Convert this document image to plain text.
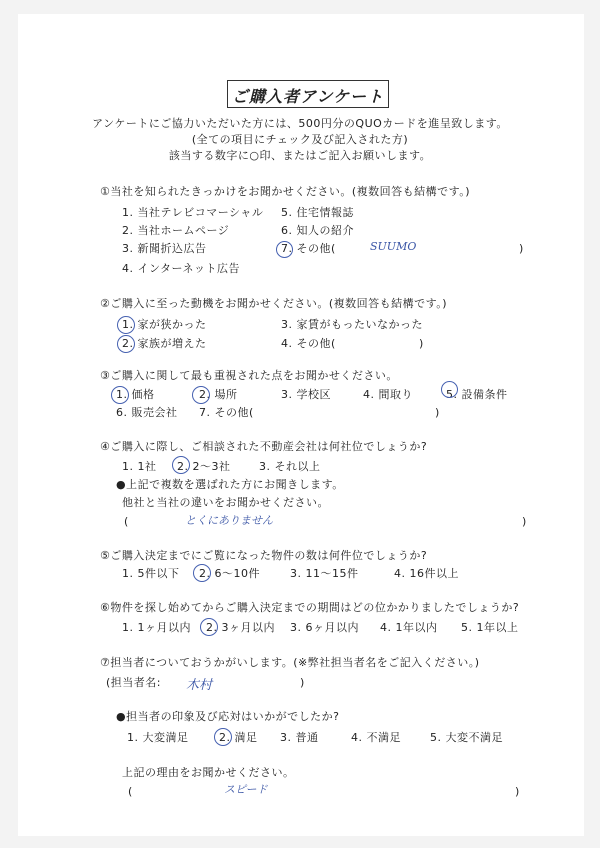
ご購入者アンケート
アンケートにご協力いただいた方には、500円分のQUOカードを進呈致します。
(全ての項目にチェック及び記入された方)
該当する数字に○印、またはご記入お願いします。
①当社を知られたきっかけをお聞かせください。(複数回答も結構です。)
1. 当社テレビコマーシャル 5. 住宅情報誌
2. 当社ホームページ	6. 知人の紹介
3. 新聞折込広告	7. その他(	)
SUUMO
4. インターネット広告
②ご購入に至った動機をお聞かせください。(複数回答も結構です。)
1. 家が狭かった	3. 家賃がもったいなかった
2. 家族が増えた	4. その他(	)
③ご購入に関して最も重視された点をお聞かせください。
1. 価格	2. 場所	3. 学校区	4. 間取り	5. 設備条件
6. 販売会社 7. その他(	)
④ご購入に際し、ご相談された不動産会社は何社位でしょうか?
1. 1社 2. 2〜3社	3. それ以上
●上記で複数を選ばれた方にお聞きします。
他社と当社の違いをお聞かせください。
(	とくにありません	)
⑤ご購入決定までにご覧になった物件の数は何件位でしょうか?
1. 5件以下 2. 6〜10件	3. 11〜15件	4. 16件以上
⑥物件を探し始めてからご購入決定までの期間はどの位かかりましたでしょうか?
1. 1ヶ月以内 2. 3ヶ月以内 3. 6ヶ月以内 4. 1年以内 5. 1年以上
⑦担当者についておうかがいします。(※弊社担当者名をご記入ください。)
(担当者名: 木村	)
●担当者の印象及び応対はいかがでしたか?
1. 大変満足	2. 満足 3. 普通	4. 不満足	5. 大変不満足
上記の理由をお聞かせください。
(	スピード	)
